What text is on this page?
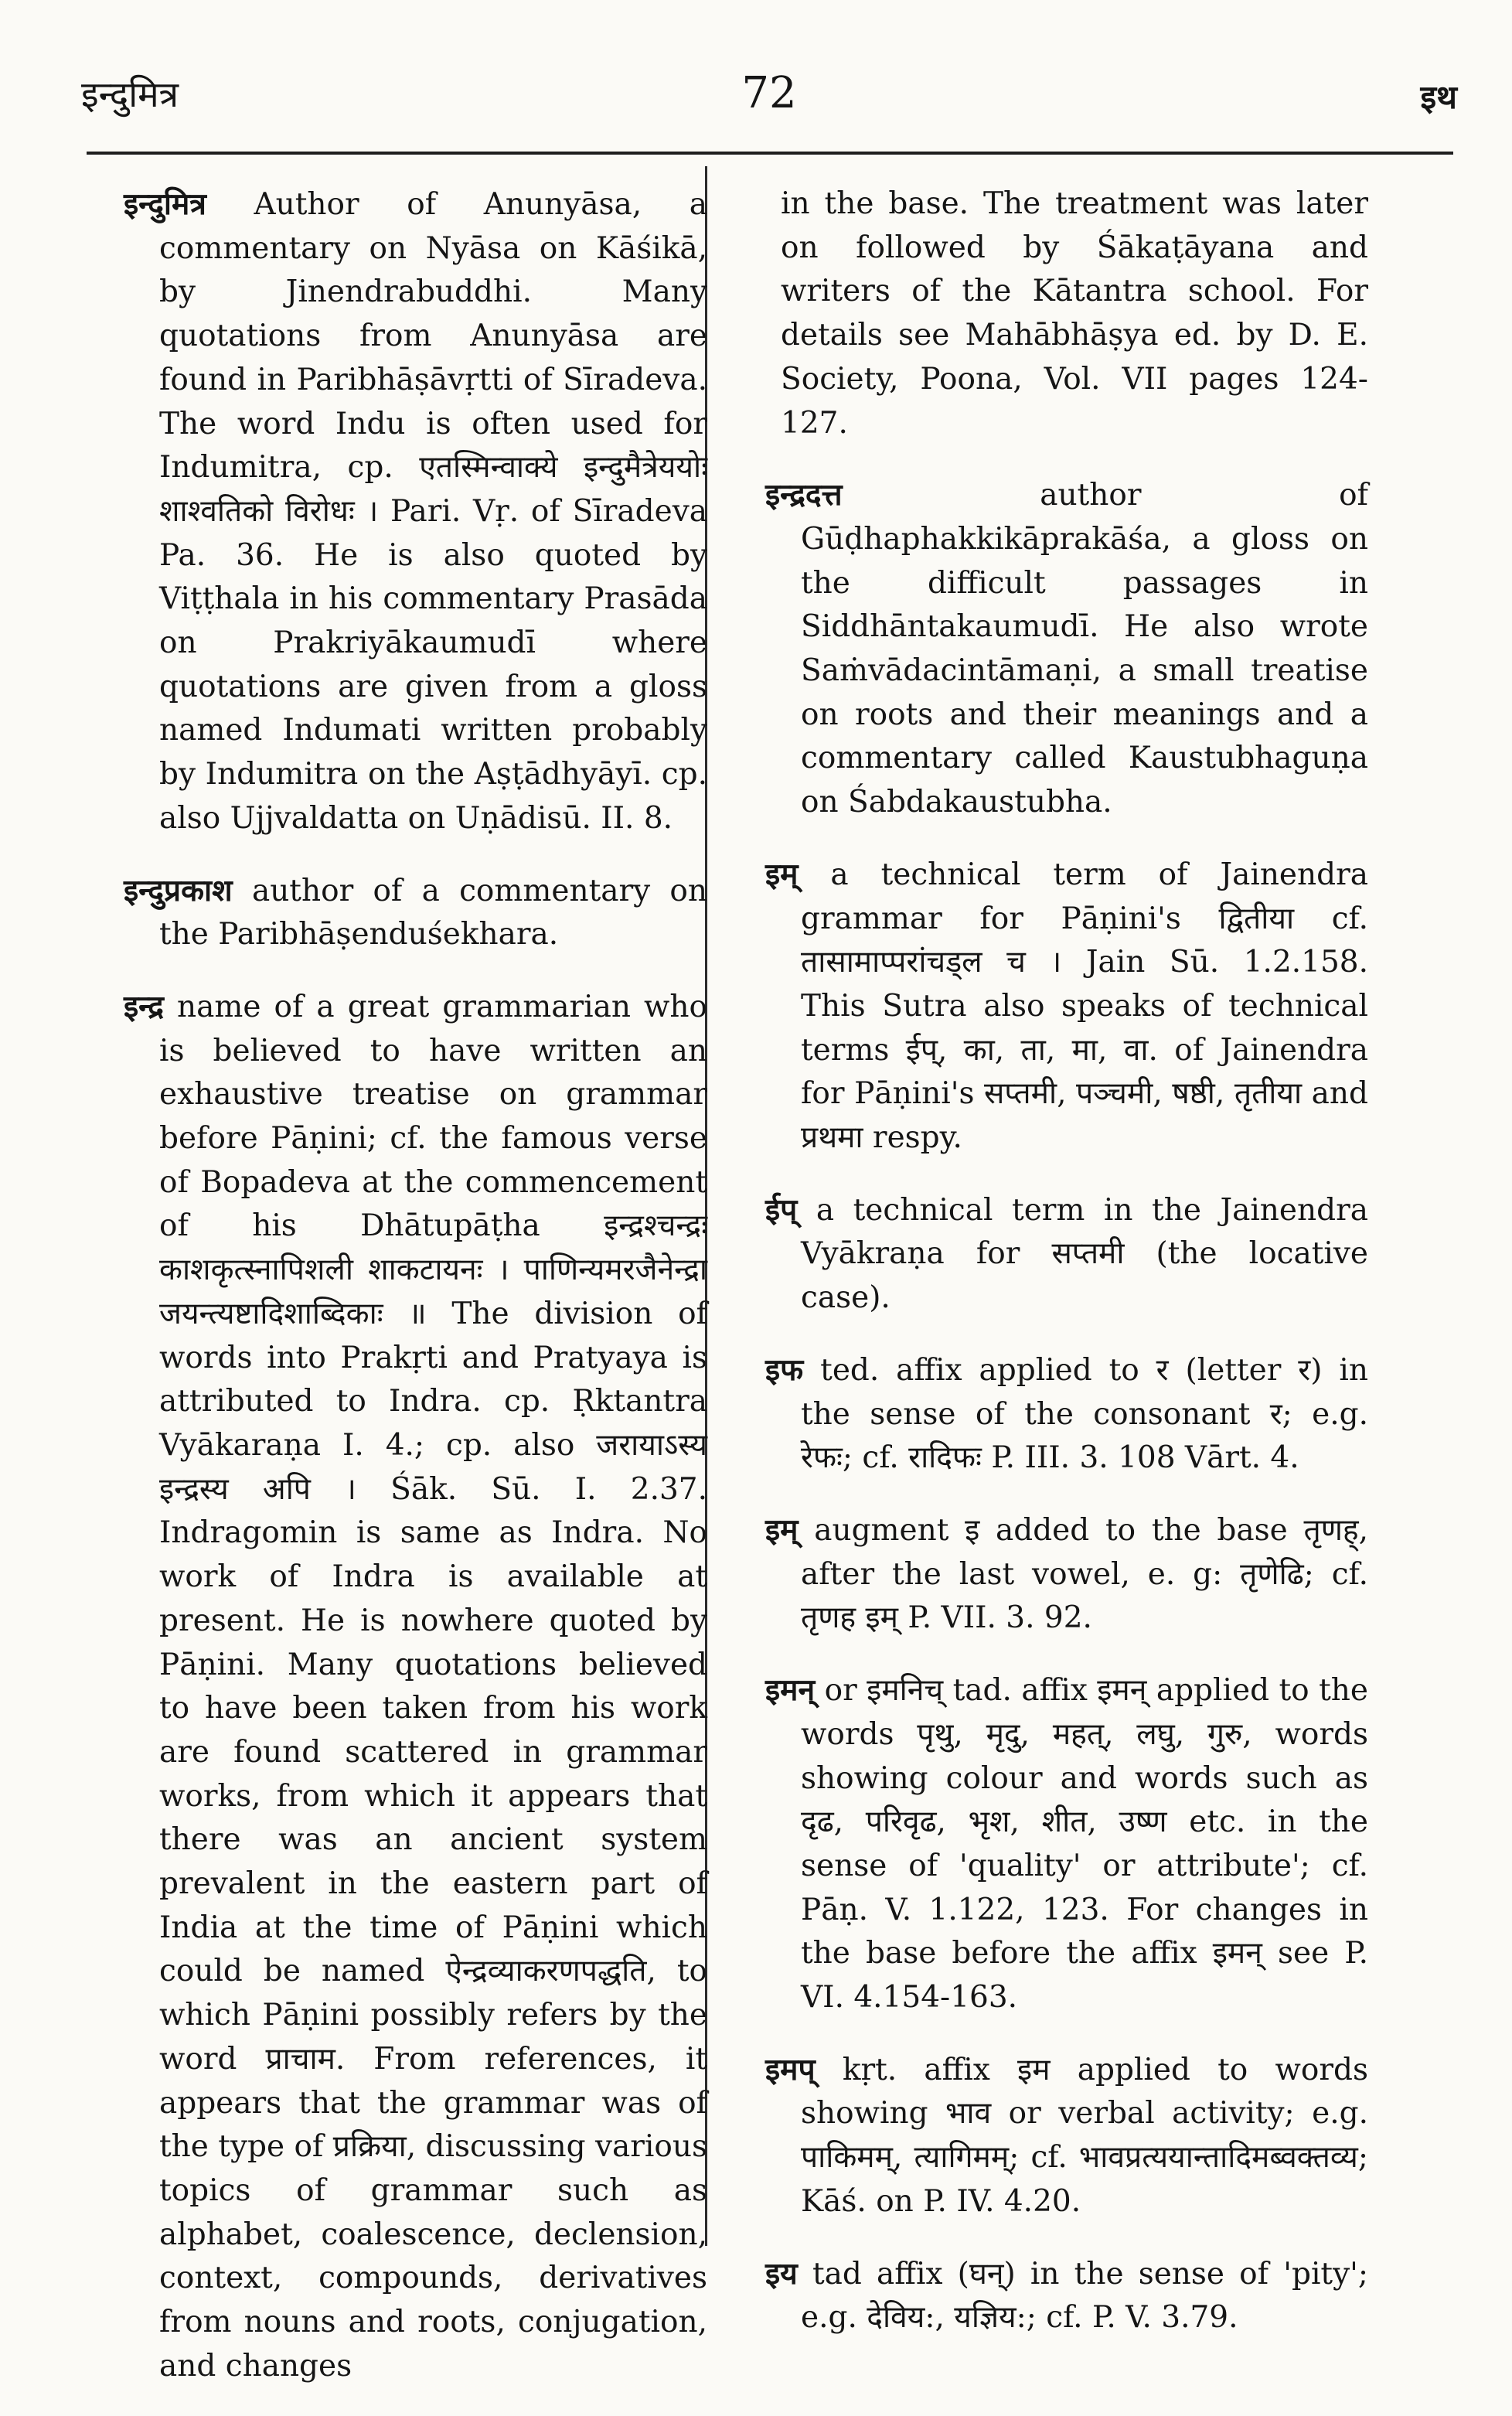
इन्दुमित्र	72	इथ

इन्दुमित्र Author of Anunyāsa, a commentary on Nyāsa on Kāśikā, by Jinendrabuddhi. Many quotations from Anunyāsa are found in Paribhāṣāvṛtti of Sīradeva. The word Indu is often used for Indumitra, cp. एतस्मिन्वाक्ये इन्दुमैत्रेययोः शाश्वतिको विरोधः । Pari. Vṛ. of Sīradeva Pa. 36. He is also quoted by Viṭṭhala in his commentary Prasāda on Prakriyākaumudī where quotations are given from a gloss named Indumati written probably by Indumitra on the Aṣṭādhyāyī. cp. also Ujjvaldatta on Uṇādisū. II. 8.

इन्दुप्रकाश author of a commentary on the Paribhāṣenduśekhara.

इन्द्र name of a great grammarian who is believed to have written an exhaustive treatise on grammar before Pāṇini; cf. the famous verse of Bopadeva at the commencement of his Dhātupāṭha इन्द्रश्चन्द्रः काशकृत्स्नापिशली शाकटायनः । पाणिन्यमरजैनेन्द्रा जयन्त्यष्टादिशाब्दिकाः ॥ The division of words into Prakṛti and Pratyaya is attributed to Indra. cp. Ṛktantra Vyākaraṇa I. 4.; cp. also जरायाऽस्य इन्द्रस्य अपि । Śāk. Sū. I. 2.37. Indragomin is same as Indra. No work of Indra is available at present. He is nowhere quoted by Pāṇini. Many quotations believed to have been taken from his work are found scattered in grammar works, from which it appears that there was an ancient system prevalent in the eastern part of India at the time of Pāṇini which could be named ऐन्द्रव्याकरणपद्धति, to which Pāṇini possibly refers by the word प्राचाम. From references, it appears that the grammar was of the type of प्रक्रिया, discussing various topics of grammar such as alphabet, coalescence, declension, context, compounds, derivatives from nouns and roots, conjugation, and changes

in the base. The treatment was later on followed by Śākaṭāyana and writers of the Kātantra school. For details see Mahābhāṣya ed. by D. E. Society, Poona, Vol. VII pages 124-127.

इन्द्रदत्त	author of Gūḍhaphakkikāprakāśa, a gloss on the difficult passages in Siddhāntakaumudī. He also wrote Saṁvādacintāmaṇi, a small treatise on roots and their meanings and a commentary called Kaustubhaguṇa on Śabdakaustubha.

इम् a technical term of Jainendra grammar for Pāṇini's द्वितीया cf. तासामाप्परांचड्ल च । Jain Sū. 1.2.158. This Sutra also speaks of technical terms ईप्, का, ता, मा, वा. of Jainendra for Pāṇini's सप्तमी, पञ्चमी, षष्ठी, तृतीया and प्रथमा respy.

ईप् a technical term in the Jainendra Vyākraṇa for सप्तमी (the locative case).

इफ ted. affix applied to र (letter र) in the sense of the consonant र; e.g. रेफः; cf. रादिफः P. III. 3. 108 Vārt. 4.

इम् augment इ added to the base तृणह्, after the last vowel, e. g: तृणेढि; cf. तृणह इम् P. VII. 3. 92.

इमन् or इमनिच् tad. affix इमन् applied to the words पृथु, मृदु, महत्, लघु, गुरु, words showing colour and words such as दृढ, परिवृढ, भृश, शीत, उष्ण etc. in the sense of 'quality' or attribute'; cf. Pāṇ. V. 1.122, 123. For changes in the base before the affix इमन् see P. VI. 4.154-163.

इमप् kṛt. affix इम applied to words showing भाव or verbal activity; e.g. पाकिमम्, त्यागिमम्; cf. भावप्रत्ययान्तादिमब्वक्तव्य; Kāś. on P. IV. 4.20.

इय tad affix (घन्) in the sense of 'pity'; e.g. देविय:, यज्ञिय:; cf. P. V. 3.79.
